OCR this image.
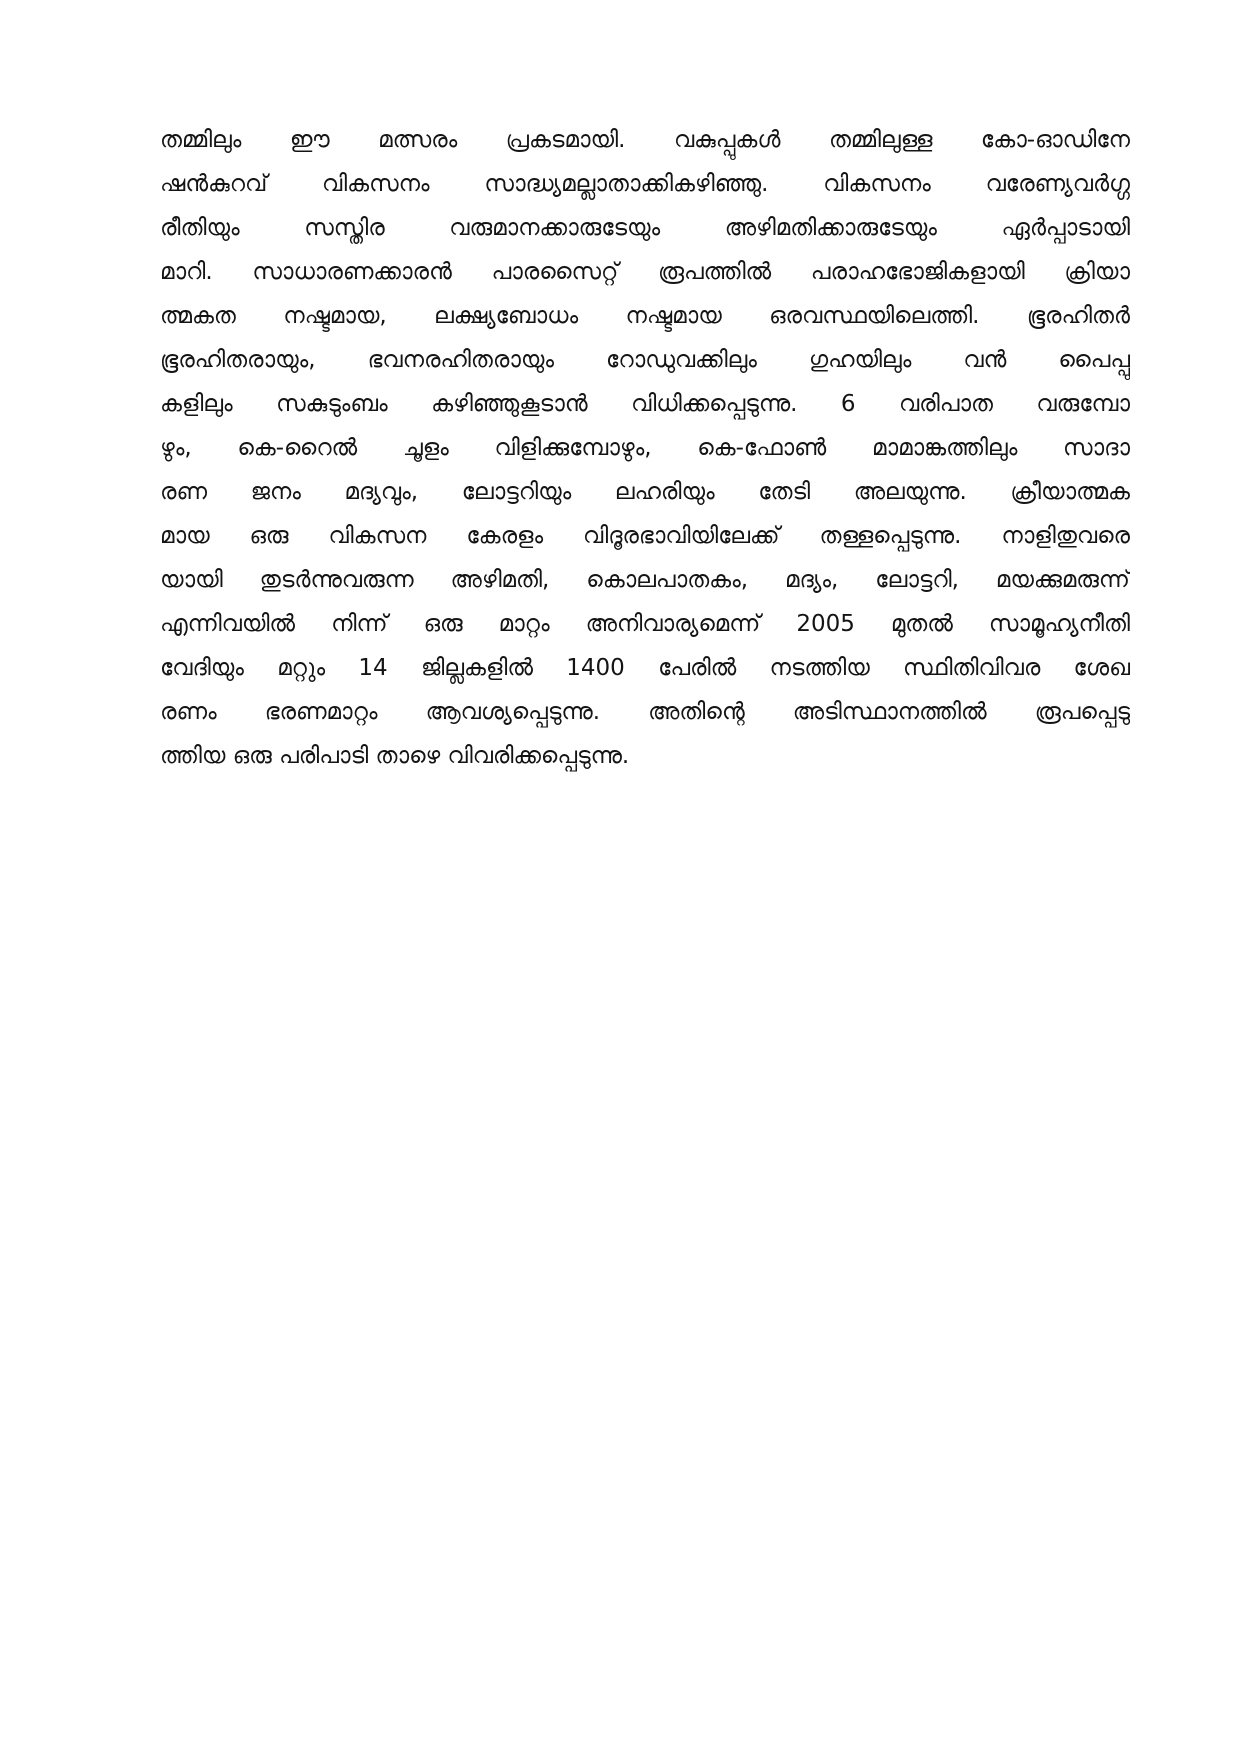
തമ്മിലും ഈ മത്സരം പ്രകടമായി. വകുപ്പുകൾ തമ്മിലുള്ള കോ-ഓഡിനേ
ഷൻകുറവ് വികസനം സാദ്ധ്യമല്ലാതാക്കികഴിഞ്ഞു. വികസനം വരേണ്യവർഗ്ഗ
രീതിയും സസ്തിര വരുമാനക്കാരുടേയും അഴിമതിക്കാരുടേയും ഏർപ്പാടായി
മാറി. സാധാരണക്കാരൻ പാരസൈറ്റ് രൂപത്തിൽ പരാഹഭോജികളായി ക്രിയാ
ത്മകത നഷ്ടമായ, ലക്ഷ്യബോധം നഷ്ടമായ ഒരവസ്ഥയിലെത്തി. ഭൂരഹിതർ
ഭൂരഹിതരായും, ഭവനരഹിതരായും റോഡുവക്കിലും ഗുഹയിലും വൻ പൈപ്പു
കളിലും സകുടുംബം കഴിഞ്ഞുകൂടാൻ വിധിക്കപ്പെടുന്നു. 6 വരിപാത വരുമ്പോ
ഴും, കെ-റൈൽ ചൂളം വിളിക്കുമ്പോഴും, കെ-ഫോൺ മാമാങ്കത്തിലും സാദാ
രണ ജനം മദ്യവും, ലോട്ടറിയും ലഹരിയും തേടി അലയുന്നു. ക്രീയാത്മക
മായ ഒരു വികസന കേരളം വിദൂരഭാവിയിലേക്ക് തള്ളപ്പെടുന്നു. നാളിതുവരെ
യായി തുടർന്നുവരുന്ന അഴിമതി, കൊലപാതകം, മദ്യം, ലോട്ടറി, മയക്കുമരുന്ന്
എന്നിവയിൽ നിന്ന് ഒരു മാറ്റം അനിവാര്യമെന്ന് 2005 മുതൽ സാമൂഹ്യനീതി
വേദിയും മറ്റും 14 ജില്ലകളിൽ 1400 പേരിൽ നടത്തിയ സ്ഥിതിവിവര ശേഖ
രണം ഭരണമാറ്റം ആവശ്യപ്പെടുന്നു. അതിന്റെ അടിസ്ഥാനത്തിൽ രൂപപ്പെടു
ത്തിയ ഒരു പരിപാടി താഴെ വിവരിക്കപ്പെടുന്നു.
